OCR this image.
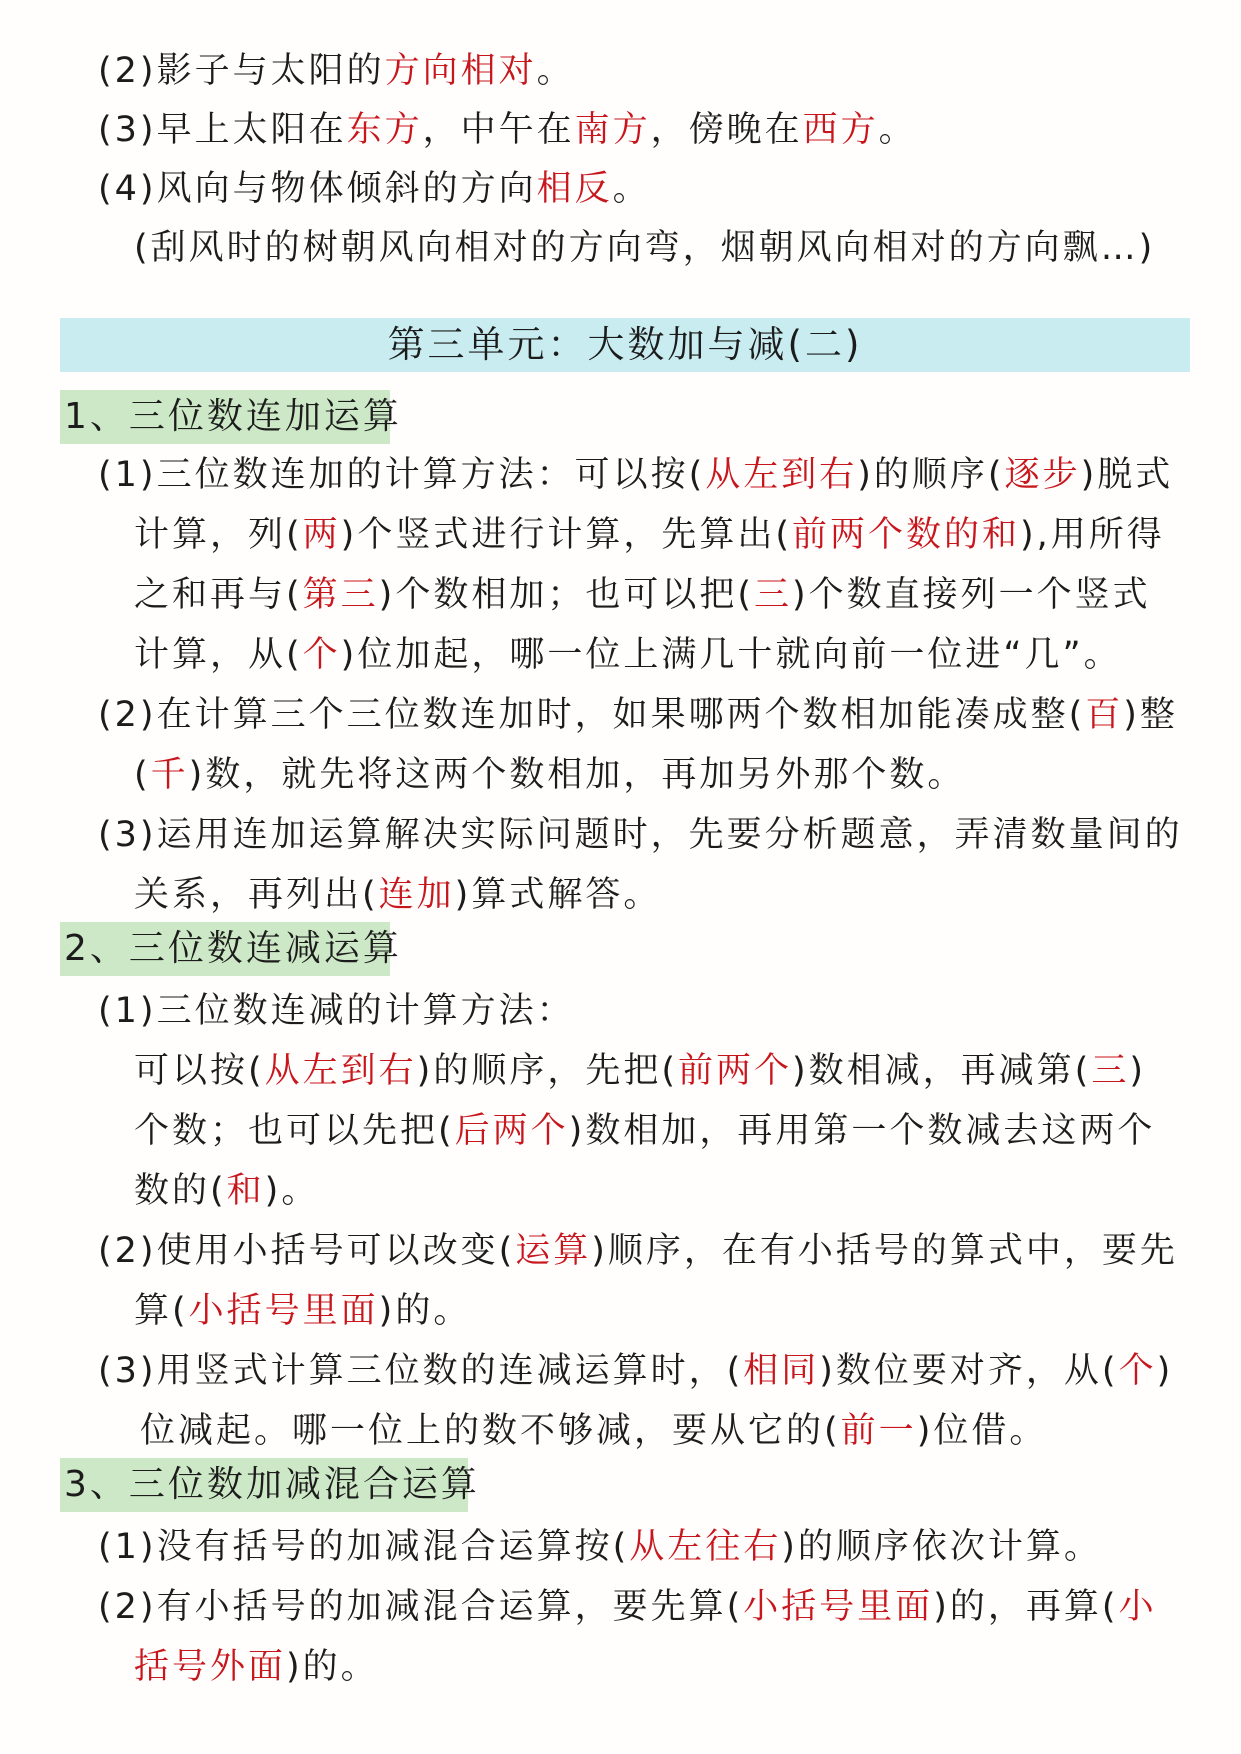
(2)影子与太阳的方向相对。
(3)早上太阳在东方，中午在南方，傍晚在西方。
(4)风向与物体倾斜的方向相反。
(刮风时的树朝风向相对的方向弯，烟朝风向相对的方向飘…)
第三单元：大数加与减(二)
1、三位数连加运算
(1)三位数连加的计算方法：可以按(从左到右)的顺序(逐步)脱式
计算，列(两)个竖式进行计算，先算出(前两个数的和),用所得
之和再与(第三)个数相加；也可以把(三)个数直接列一个竖式
计算，从(个)位加起，哪一位上满几十就向前一位进“几”。
(2)在计算三个三位数连加时，如果哪两个数相加能凑成整(百)整
(千)数，就先将这两个数相加，再加另外那个数。
(3)运用连加运算解决实际问题时，先要分析题意，弄清数量间的
关系，再列出(连加)算式解答。
2、三位数连减运算
(1)三位数连减的计算方法：
可以按(从左到右)的顺序，先把(前两个)数相减，再减第(三)
个数；也可以先把(后两个)数相加，再用第一个数减去这两个
数的(和)。
(2)使用小括号可以改变(运算)顺序，在有小括号的算式中，要先
算(小括号里面)的。
(3)用竖式计算三位数的连减运算时，(相同)数位要对齐，从(个)
位减起。哪一位上的数不够减，要从它的(前一)位借。
3、三位数加减混合运算
(1)没有括号的加减混合运算按(从左往右)的顺序依次计算。
(2)有小括号的加减混合运算，要先算(小括号里面)的，再算(小
括号外面)的。
